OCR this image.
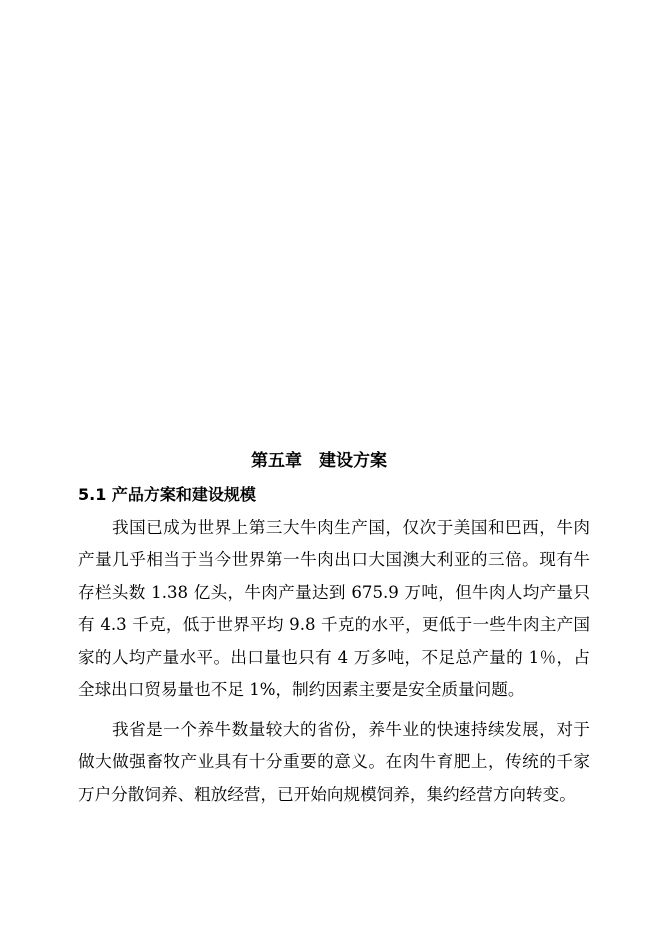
第五章　建设方案
5.1 产品方案和建设规模
我国已成为世界上第三大牛肉生产国，仅次于美国和巴西，牛肉
产量几乎相当于当今世界第一牛肉出口大国澳大利亚的三倍。现有牛
存栏头数 1.38 亿头，牛肉产量达到 675.9 万吨，但牛肉人均产量只
有 4.3 千克，低于世界平均 9.8 千克的水平，更低于一些牛肉主产国
家的人均产量水平。出口量也只有 4 万多吨，不足总产量的 1％，占
全球出口贸易量也不足 1%，制约因素主要是安全质量问题。
我省是一个养牛数量较大的省份，养牛业的快速持续发展，对于
做大做强畜牧产业具有十分重要的意义。在肉牛育肥上，传统的千家
万户分散饲养、粗放经营，已开始向规模饲养，集约经营方向转变。
